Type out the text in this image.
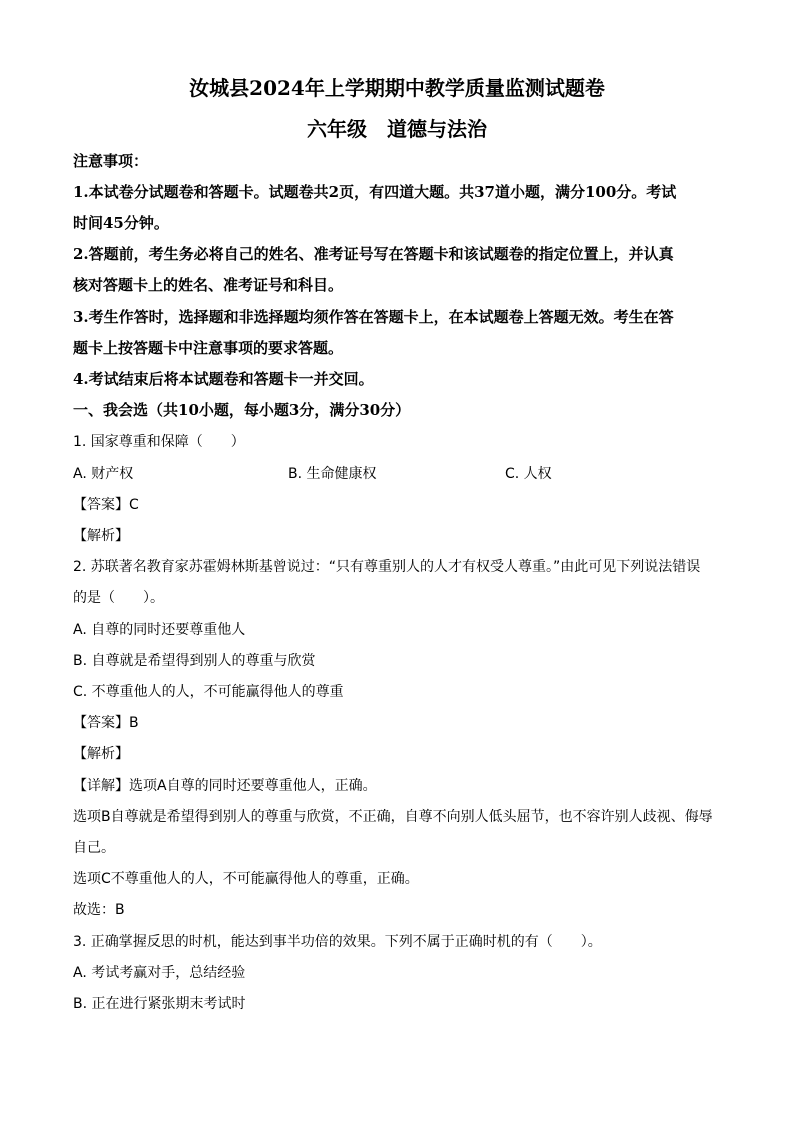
汝城县2024年上学期期中教学质量监测试题卷
六年级　道德与法治
注意事项：
1.本试卷分试题卷和答题卡。试题卷共2页，有四道大题。共37道小题，满分100分。考试
时间45分钟。
2.答题前，考生务必将自己的姓名、准考证号写在答题卡和该试题卷的指定位置上，并认真
核对答题卡上的姓名、准考证号和科目。
3.考生作答时，选择题和非选择题均须作答在答题卡上，在本试题卷上答题无效。考生在答
题卡上按答题卡中注意事项的要求答题。
4.考试结束后将本试题卷和答题卡一并交回。
一、我会选（共10小题，每小题3分，满分30分）
1. 国家尊重和保障（　　）
A. 财产权	B. 生命健康权	C. 人权
【答案】C
【解析】
2. 苏联著名教育家苏霍姆林斯基曾说过：“只有尊重别人的人才有权受人尊重。”由此可见下列说法错误
的是（　　）。
A. 自尊的同时还要尊重他人
B. 自尊就是希望得到别人的尊重与欣赏
C. 不尊重他人的人，不可能赢得他人的尊重
【答案】B
【解析】
【详解】选项A自尊的同时还要尊重他人，正确。
选项B自尊就是希望得到别人的尊重与欣赏，不正确，自尊不向别人低头屈节，也不容许别人歧视、侮辱
自己。
选项C不尊重他人的人，不可能赢得他人的尊重，正确。
故选：B
3. 正确掌握反思的时机，能达到事半功倍的效果。下列不属于正确时机的有（　　）。
A. 考试考赢对手，总结经验
B. 正在进行紧张期末考试时
